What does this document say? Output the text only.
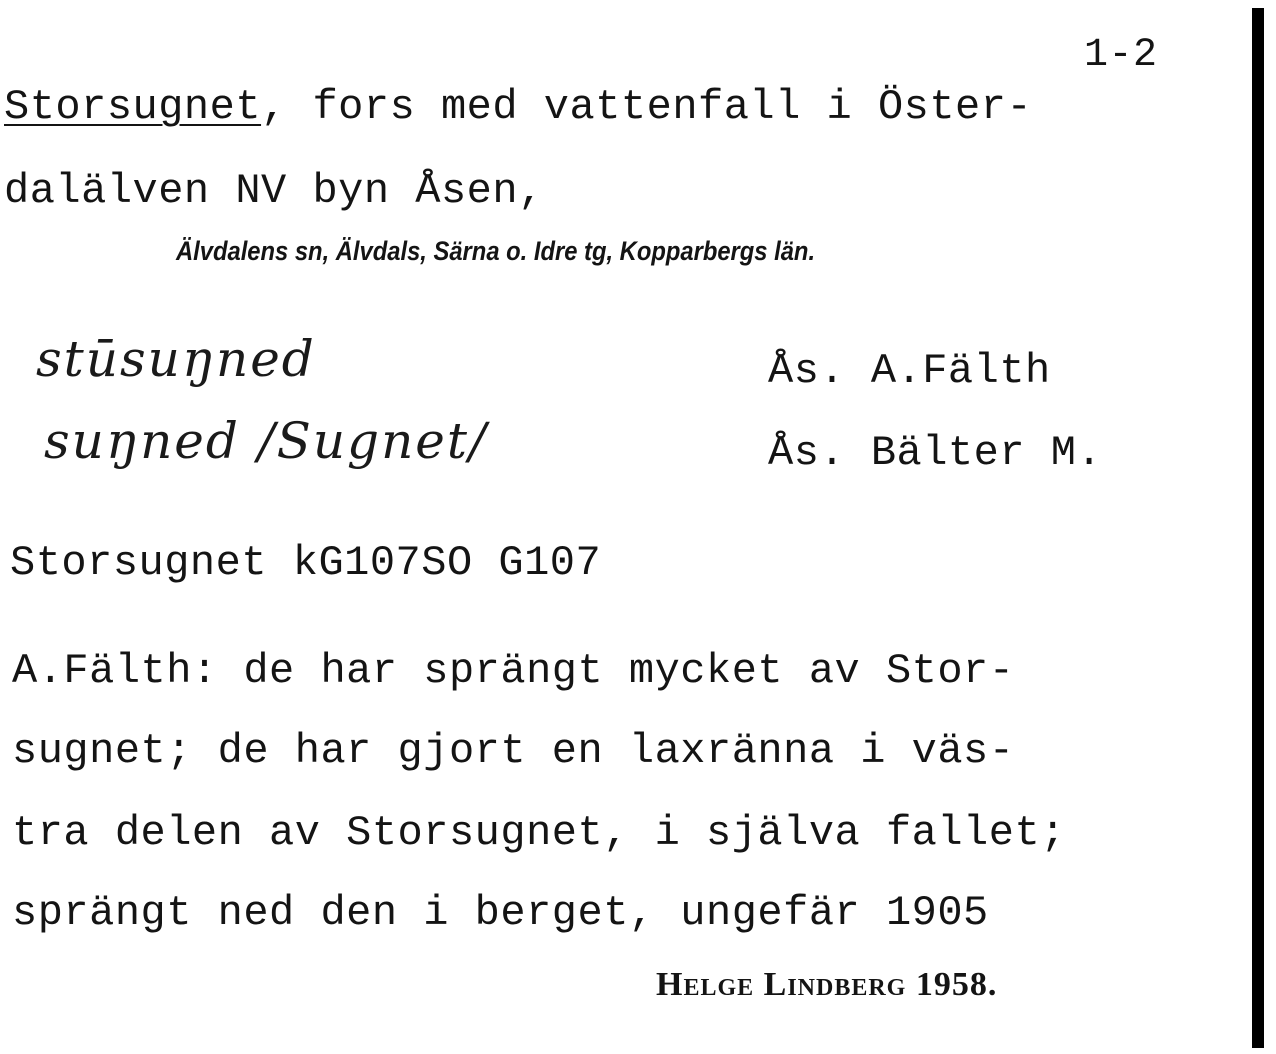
1-2
Storsugnet, fors med vattenfall i Öster-
dalälven NV byn Åsen,
Älvdalens sn, Älvdals, Särna o. Idre tg, Kopparbergs län.
stūsuŋned	Ås. A.Fälth
suŋned /Sugnet/	Ås. Bälter M.
Storsugnet kG107SO G107
A.Fälth: de har sprängt mycket av Stor-
sugnet; de har gjort en laxränna i väs-
tra delen av Storsugnet, i själva fallet;
sprängt ned den i berget, ungefär 1905
Helge Lindberg 1958.
